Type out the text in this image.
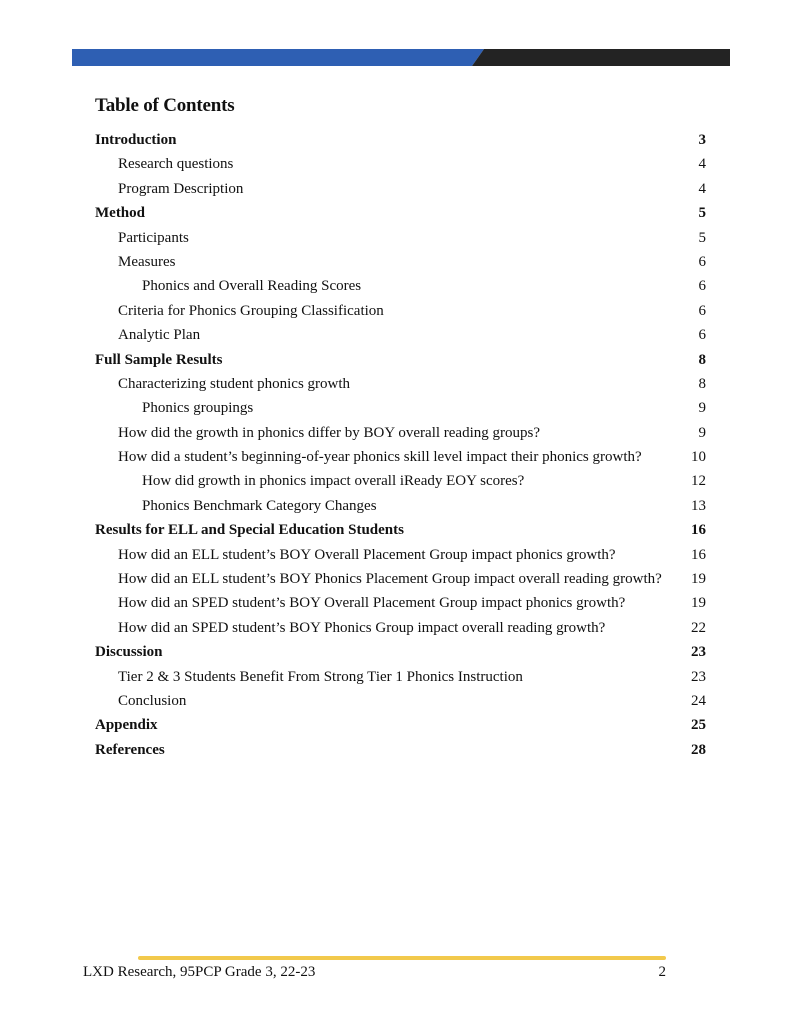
Table of Contents
Introduction	3
Research questions	4
Program Description	4
Method	5
Participants	5
Measures	6
Phonics and Overall Reading Scores	6
Criteria for Phonics Grouping Classification	6
Analytic Plan	6
Full Sample Results	8
Characterizing student phonics growth	8
Phonics groupings	9
How did the growth in phonics differ by BOY overall reading groups?	9
How did a student’s beginning-of-year phonics skill level impact their phonics growth?	10
How did growth in phonics impact overall iReady EOY scores?	12
Phonics Benchmark Category Changes	13
Results for ELL and Special Education Students	16
How did an ELL student’s BOY Overall Placement Group impact phonics growth?	16
How did an ELL student’s BOY Phonics Placement Group impact overall reading growth? 19
How did an SPED student’s BOY Overall Placement Group impact phonics growth?	19
How did an SPED student’s BOY Phonics Group impact overall reading growth?	22
Discussion	23
Tier 2 & 3 Students Benefit From Strong Tier 1 Phonics Instruction	23
Conclusion	24
Appendix	25
References	28
LXD Research, 95PCP Grade 3, 22-23	2
